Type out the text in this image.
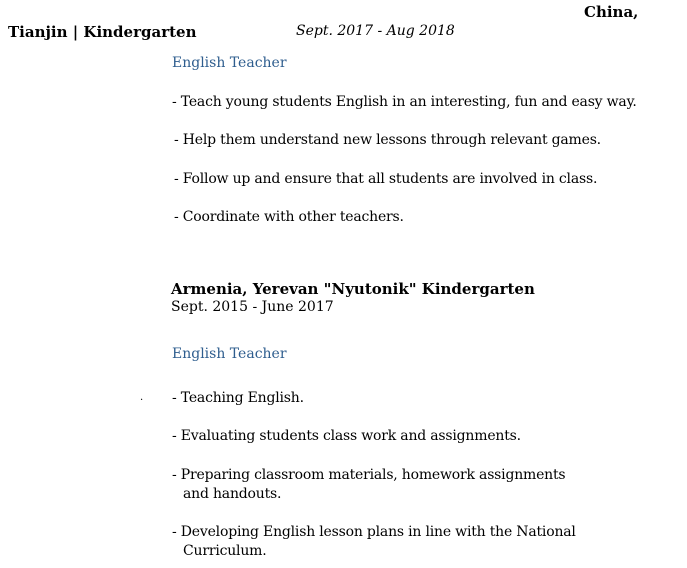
China,
Tianjin | Kindergarten	Sept. 2017 - Aug 2018
English Teacher
- Teach young students English in an interesting, fun and easy way.
- Help them understand new lessons through relevant games.
- Follow up and ensure that all students are involved in class.
- Coordinate with other teachers.
Armenia, Yerevan "Nyutonik" Kindergarten
Sept. 2015 - June 2017
English Teacher
. - Teaching English.
- Evaluating students class work and assignments.
- Preparing classroom materials, homework assignments
and handouts.
- Developing English lesson plans in line with the National
Curriculum.
